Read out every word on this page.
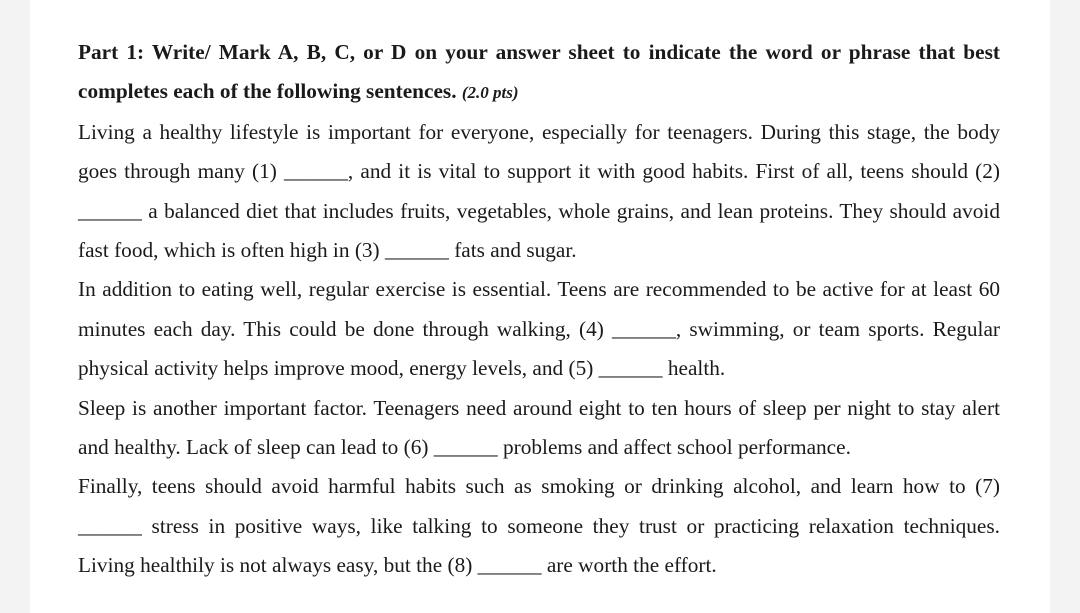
Part 1: Write/ Mark A, B, C, or D on your answer sheet to indicate the word or phrase that best completes each of the following sentences. (2.0 pts)

Living a healthy lifestyle is important for everyone, especially for teenagers. During this stage, the body goes through many (1) ______, and it is vital to support it with good habits. First of all, teens should (2) ______ a balanced diet that includes fruits, vegetables, whole grains, and lean proteins. They should avoid fast food, which is often high in (3) ______ fats and sugar.

In addition to eating well, regular exercise is essential. Teens are recommended to be active for at least 60 minutes each day. This could be done through walking, (4) ______, swimming, or team sports. Regular physical activity helps improve mood, energy levels, and (5) ______ health.

Sleep is another important factor. Teenagers need around eight to ten hours of sleep per night to stay alert and healthy. Lack of sleep can lead to (6) ______ problems and affect school performance.

Finally, teens should avoid harmful habits such as smoking or drinking alcohol, and learn how to (7) ______ stress in positive ways, like talking to someone they trust or practicing relaxation techniques. Living healthily is not always easy, but the (8) ______ are worth the effort.
